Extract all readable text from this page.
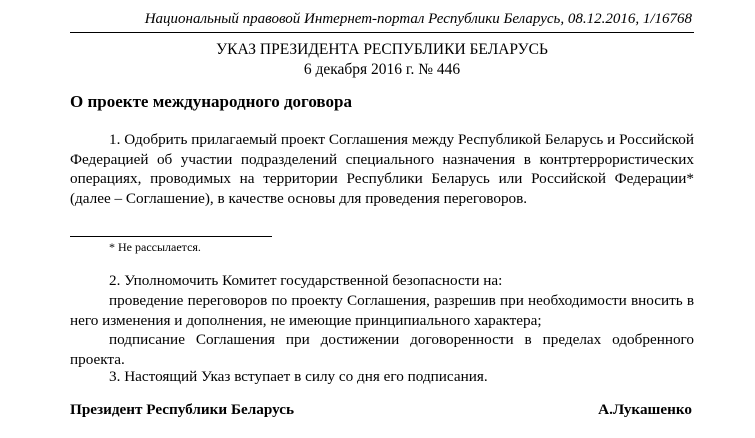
Национальный правовой Интернет-портал Республики Беларусь, 08.12.2016, 1/16768
УКАЗ ПРЕЗИДЕНТА РЕСПУБЛИКИ БЕЛАРУСЬ
6 декабря 2016 г. № 446
О проекте международного договора

1. Одобрить прилагаемый проект Соглашения между Республикой Беларусь и Российской Федерацией об участии подразделений специального назначения в контртеррористических операциях, проводимых на территории Республики Беларусь или Российской Федерации* (далее – Соглашение), в качестве основы для проведения переговоров.

* Не рассылается.

2. Уполномочить Комитет государственной безопасности на:

проведение переговоров по проекту Соглашения, разрешив при необходимости вносить в него изменения и дополнения, не имеющие принципиального характера;

подписание Соглашения при достижении договоренности в пределах одобренного проекта.

3. Настоящий Указ вступает в силу со дня его подписания.

Президент Республики Беларусь	А.Лукашенко
